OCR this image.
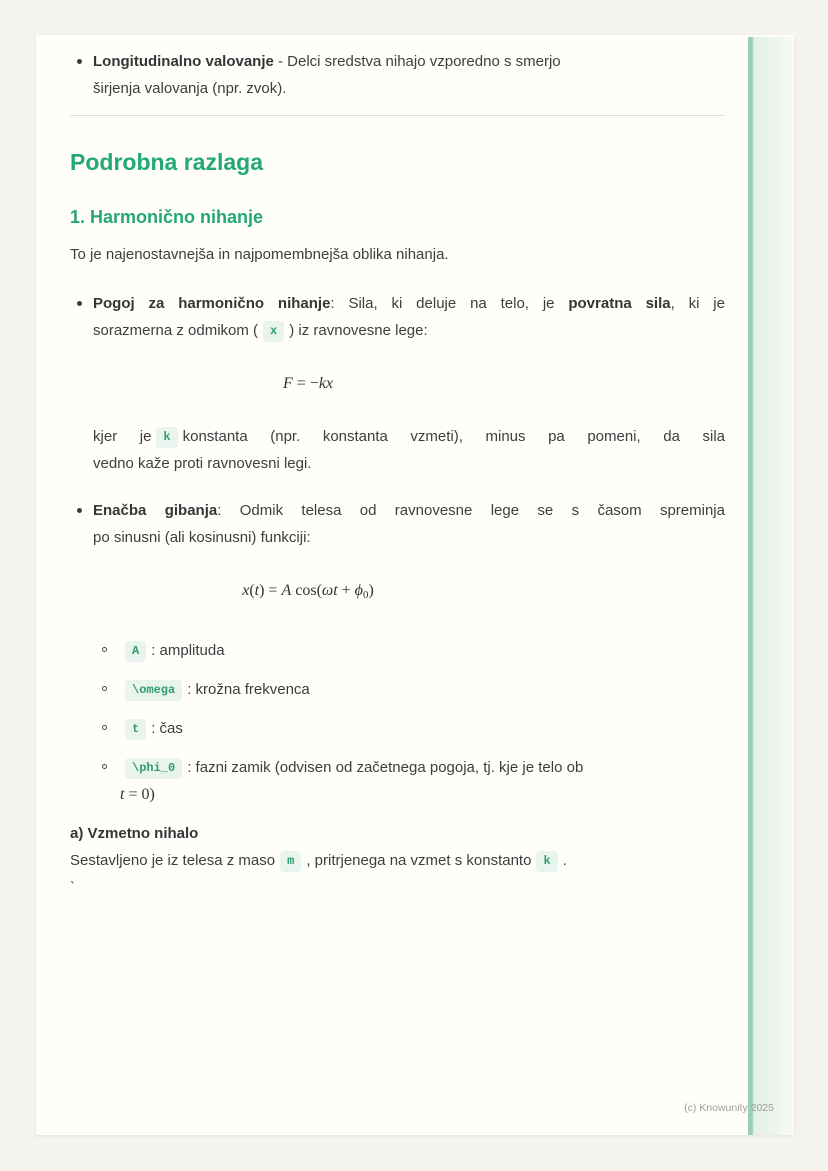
Longitudinalno valovanje - Delci sredstva nihajo vzporedno s smerjo
širjenja valovanja (npr. zvok).
Podrobna razlaga
1. Harmonično nihanje

To je najenostavnejša in najpomembnejša oblika nihanja.

Pogoj za harmonično nihanje: Sila, ki deluje na telo, je povratna sila, ki je
sorazmerna z odmikom ( x ) iz ravnovesne lege:
F = −kx
kjer je k konstanta (npr. konstanta vzmeti), minus pa pomeni, da sila
vedno kaže proti ravnovesni legi.
Enačba gibanja: Odmik telesa od ravnovesne lege se s časom spreminja
po sinusni (ali kosinusni) funkciji:
x(t) = A cos(ωt + ϕ0)
A : amplituda
\omega : krožna frekvenca
t : čas
\phi_0 : fazni zamik (odvisen od začetnega pogoja, tj. kje je telo ob
t = 0)

a) Vzmetno nihalo

Sestavljeno je iz telesa z maso m , pritrjenega na vzmet s konstanto k .

`

(c) Knowunity 2025
